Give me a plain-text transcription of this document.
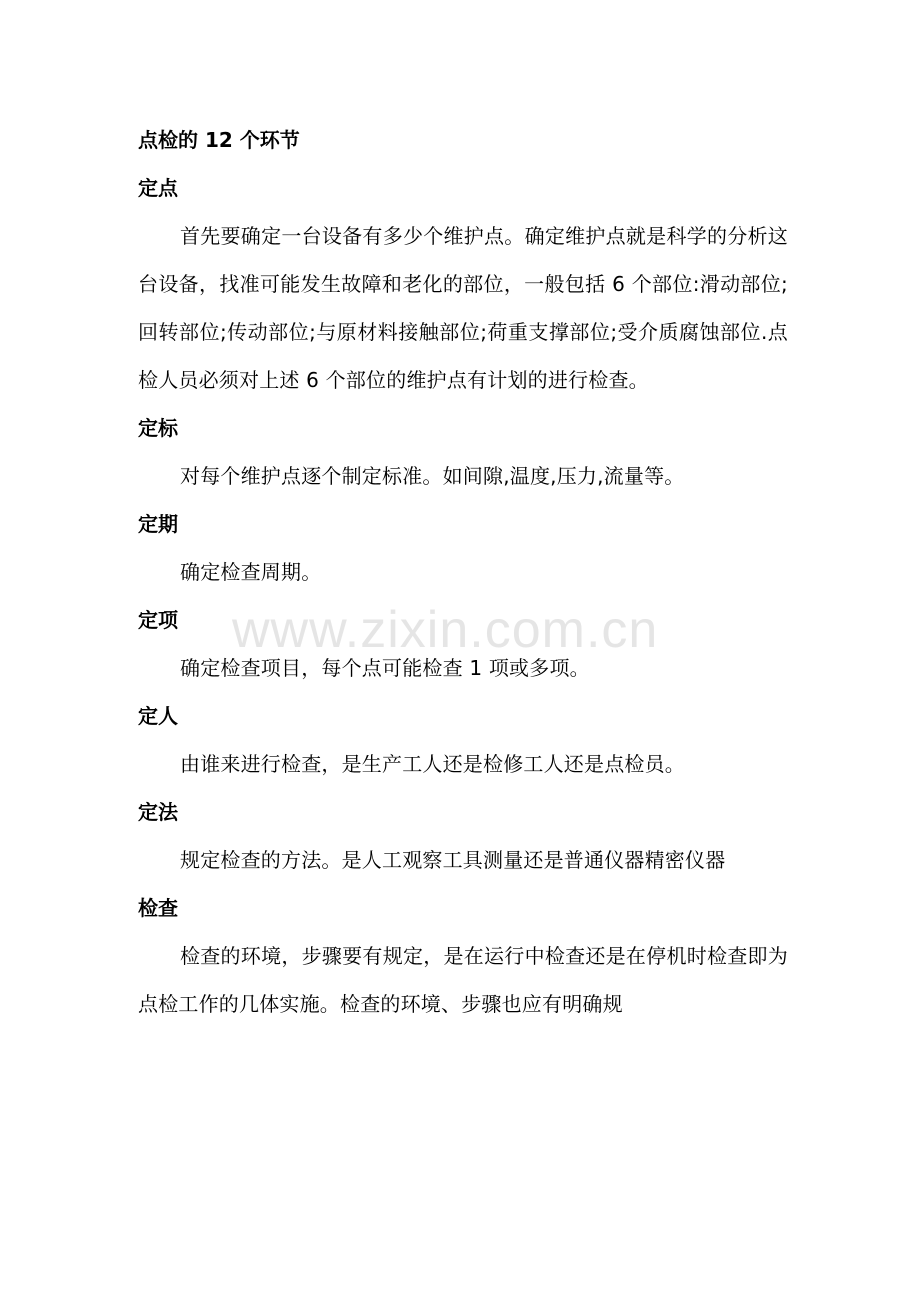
点检的 12 个环节

定点

首先要确定一台设备有多少个维护点。确定维护点就是科学的分析这台设备，找准可能发生故障和老化的部位，一般包括 6 个部位:滑动部位;回转部位;传动部位;与原材料接触部位;荷重支撑部位;受介质腐蚀部位.点检人员必须对上述 6 个部位的维护点有计划的进行检查。

定标

对每个维护点逐个制定标准。如间隙,温度,压力,流量等。

定期

确定检查周期。

定项

确定检查项目，每个点可能检查 1 项或多项。

定人

由谁来进行检查，是生产工人还是检修工人还是点检员。

定法

规定检查的方法。是人工观察工具测量还是普通仪器精密仪器

检查

检查的环境，步骤要有规定，是在运行中检查还是在停机时检查即为点检工作的几体实施。检查的环境、步骤也应有明确规

www.zixin.com.cn
